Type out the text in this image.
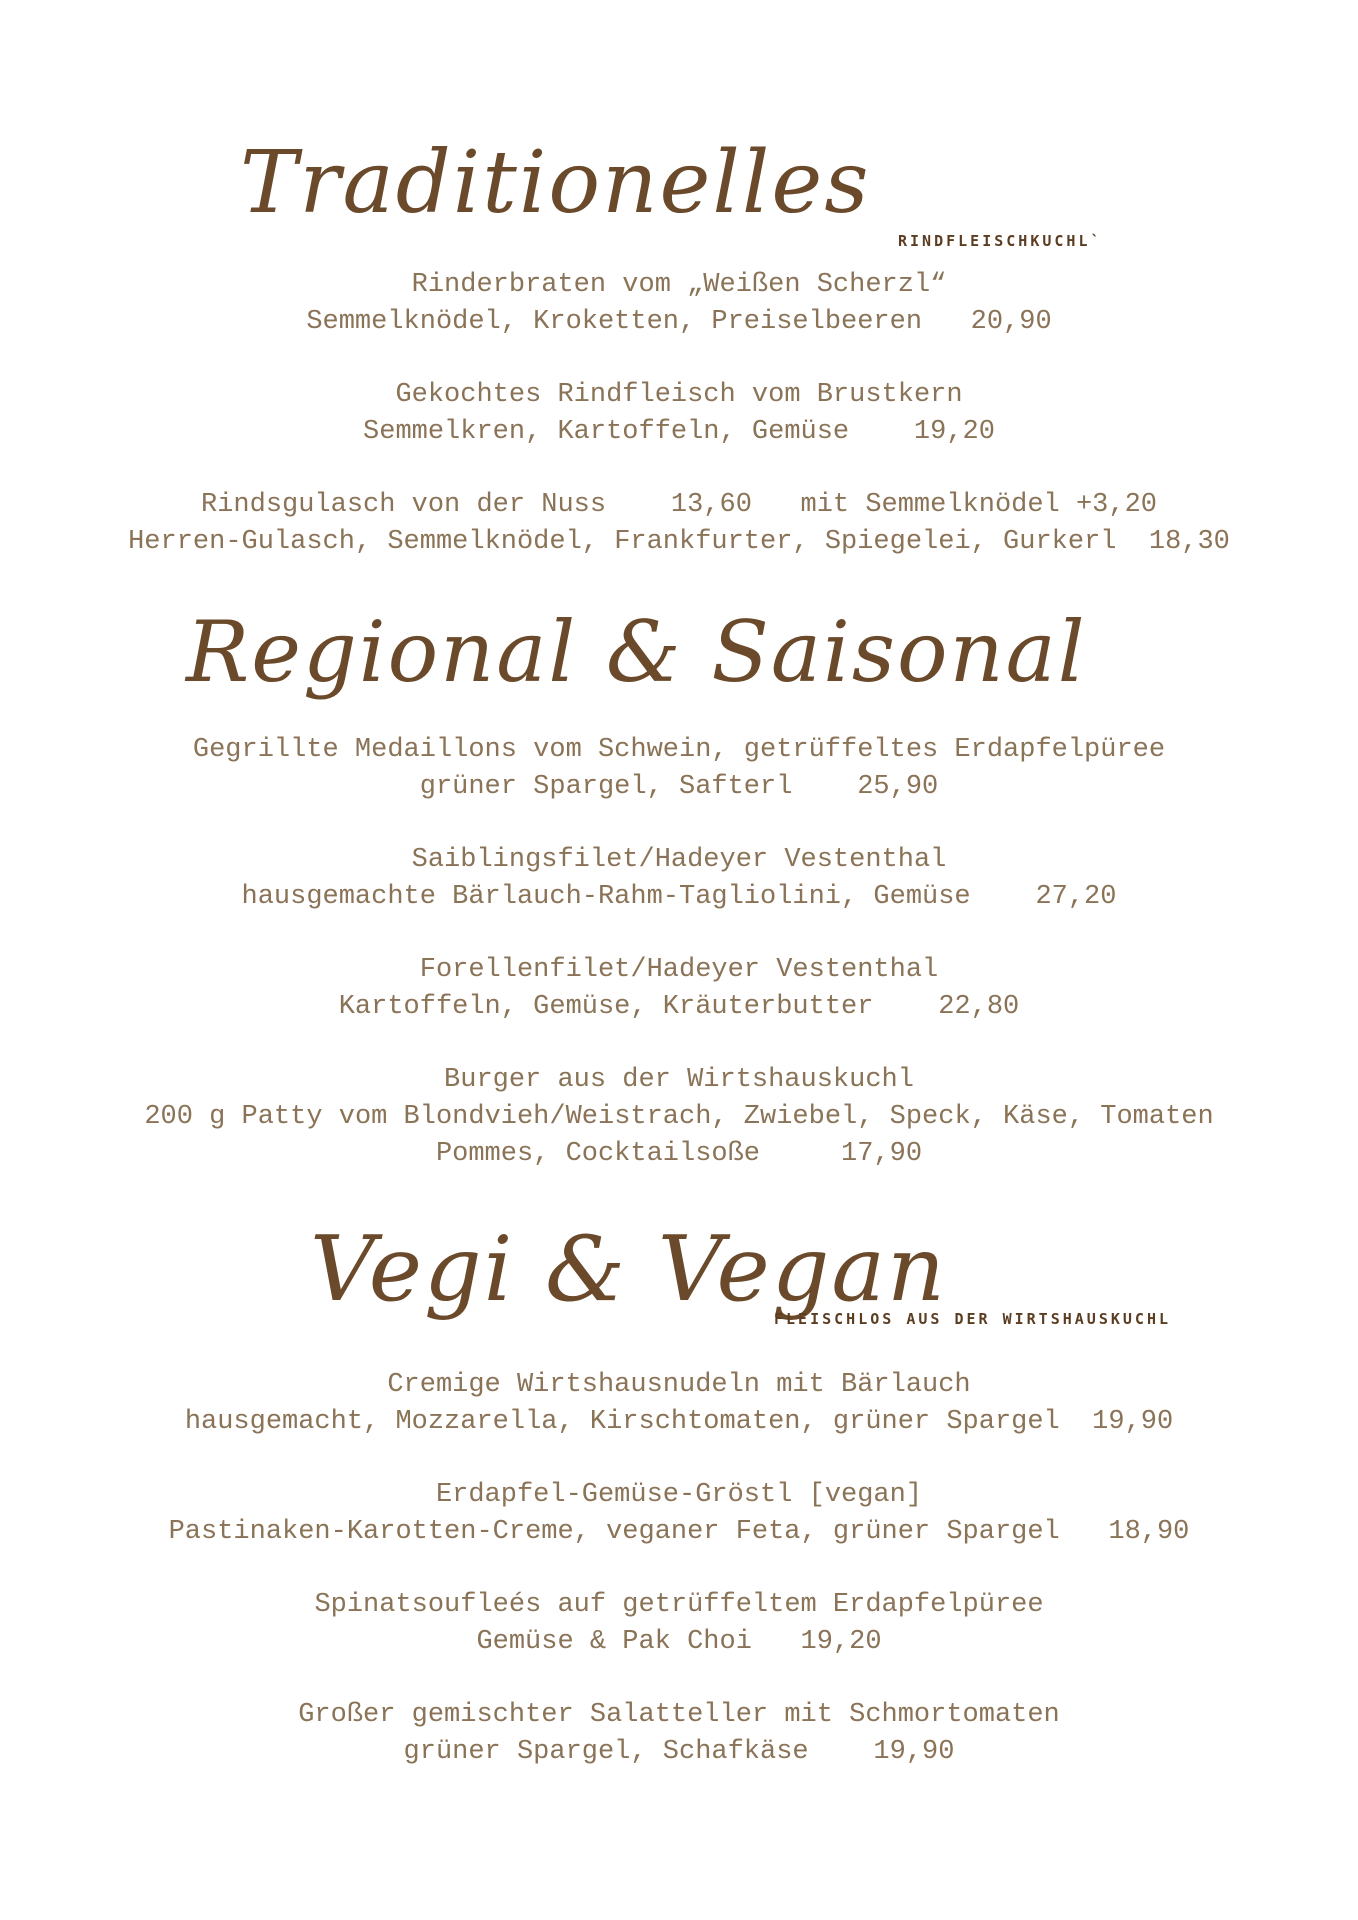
Traditionelles
RINDFLEISCHKUCHL`
Rinderbraten vom „Weißen Scherzl“
Semmelknödel, Kroketten, Preiselbeeren   20,90
Gekochtes Rindfleisch vom Brustkern
Semmelkren, Kartoffeln, Gemüse    19,20
Rindsgulasch von der Nuss    13,60   mit Semmelknödel +3,20
Herren-Gulasch, Semmelknödel, Frankfurter, Spiegelei, Gurkerl  18,30
Regional & Saisonal
Gegrillte Medaillons vom Schwein, getrüffeltes Erdapfelpüree
grüner Spargel, Safterl    25,90
Saiblingsfilet/Hadeyer Vestenthal
hausgemachte Bärlauch-Rahm-Tagliolini, Gemüse    27,20
Forellenfilet/Hadeyer Vestenthal
Kartoffeln, Gemüse, Kräuterbutter    22,80
Burger aus der Wirtshauskuchl
200 g Patty vom Blondvieh/Weistrach, Zwiebel, Speck, Käse, Tomaten
Pommes, Cocktailsoße     17,90
Vegi & Vegan
FLEISCHLOS AUS DER WIRTSHAUSKUCHL
Cremige Wirtshausnudeln mit Bärlauch
hausgemacht, Mozzarella, Kirschtomaten, grüner Spargel  19,90
Erdapfel-Gemüse-Gröstl [vegan]
Pastinaken-Karotten-Creme, veganer Feta, grüner Spargel   18,90
Spinatsoufleés auf getrüffeltem Erdapfelpüree
Gemüse & Pak Choi   19,20
Großer gemischter Salatteller mit Schmortomaten
grüner Spargel, Schafkäse    19,90
